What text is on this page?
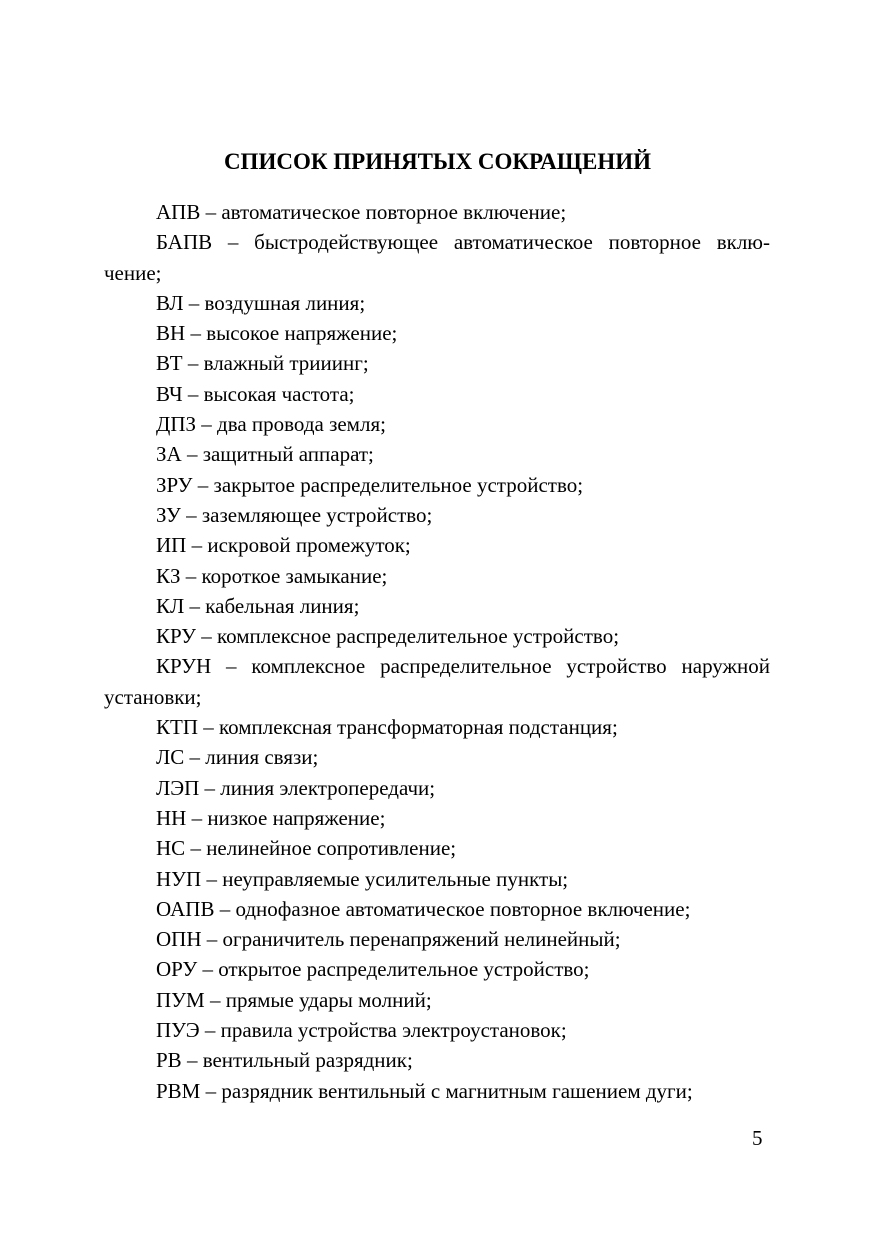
СПИСОК ПРИНЯТЫХ СОКРАЩЕНИЙ
АПВ – автоматическое повторное включение;
БАПВ – быстродействующее автоматическое повторное вклю-чение;
ВЛ – воздушная линия;
ВН – высокое напряжение;
ВТ – влажный трииинг;
ВЧ – высокая частота;
ДПЗ – два провода земля;
ЗА – защитный аппарат;
ЗРУ – закрытое распределительное устройство;
ЗУ – заземляющее устройство;
ИП – искровой промежуток;
КЗ – короткое замыкание;
КЛ – кабельная линия;
КРУ – комплексное распределительное устройство;
КРУН – комплексное распределительное устройство наружной установки;
КТП – комплексная трансформаторная подстанция;
ЛС – линия связи;
ЛЭП – линия электропередачи;
НН – низкое напряжение;
НС – нелинейное сопротивление;
НУП – неуправляемые усилительные пункты;
ОАПВ – однофазное автоматическое повторное включение;
ОПН – ограничитель перенапряжений нелинейный;
ОРУ – открытое распределительное устройство;
ПУМ – прямые удары молний;
ПУЭ – правила устройства электроустановок;
РВ – вентильный разрядник;
РВМ – разрядник вентильный с магнитным гашением дуги;
5
